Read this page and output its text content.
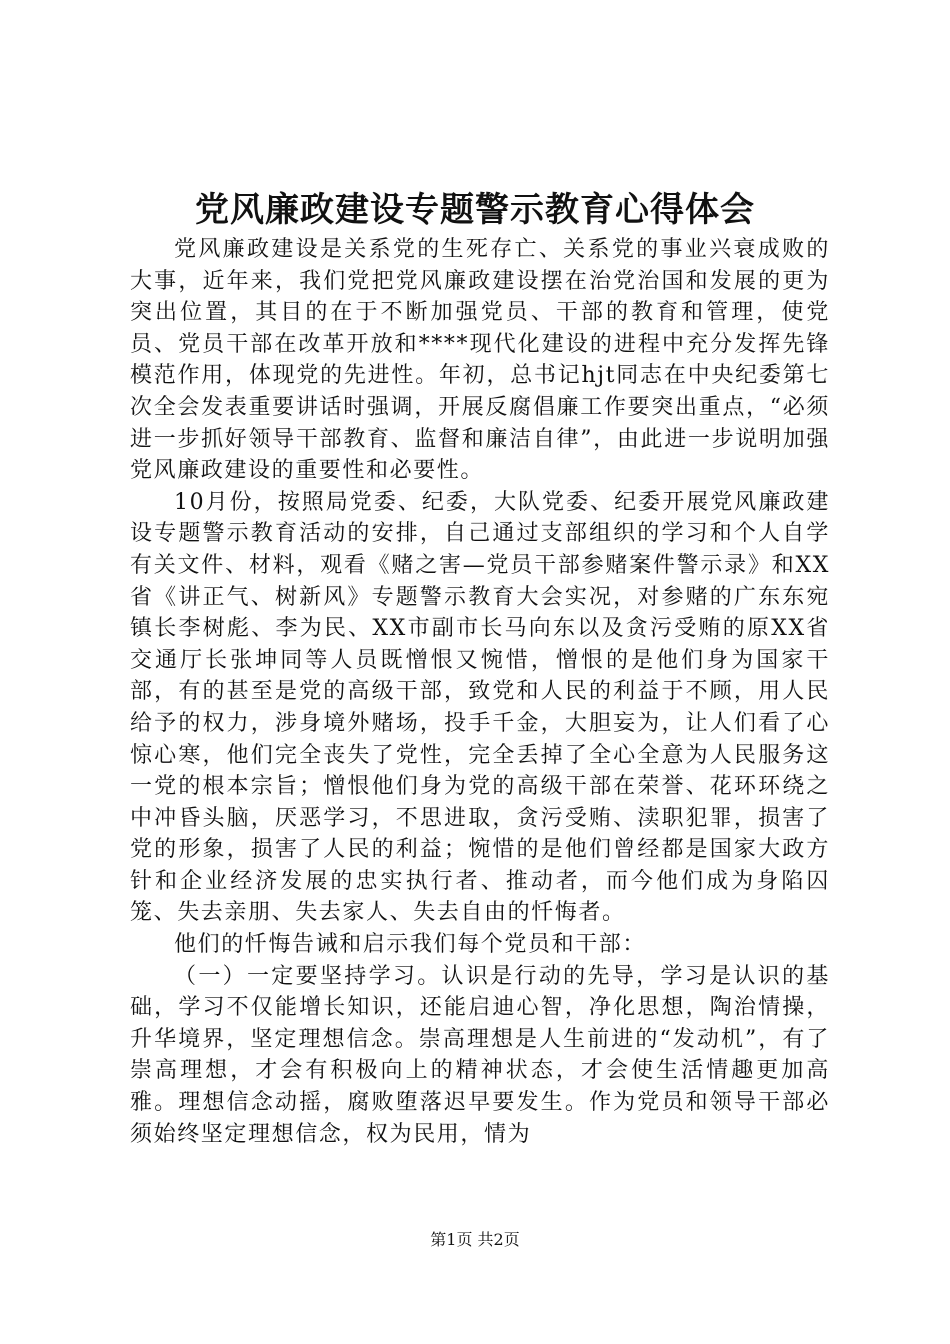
党风廉政建设专题警示教育心得体会

党风廉政建设是关系党的生死存亡、关系党的事业兴衰成败的大事，近年来，我们党把党风廉政建设摆在治党治国和发展的更为突出位置，其目的在于不断加强党员、干部的教育和管理，使党员、党员干部在改革开放和****现代化建设的进程中充分发挥先锋模范作用，体现党的先进性。年初，总书记hjt同志在中央纪委第七次全会发表重要讲话时强调，开展反腐倡廉工作要突出重点，“必须进一步抓好领导干部教育、监督和廉洁自律”，由此进一步说明加强党风廉政建设的重要性和必要性。

10月份，按照局党委、纪委，大队党委、纪委开展党风廉政建设专题警示教育活动的安排，自己通过支部组织的学习和个人自学有关文件、材料，观看《赌之害—党员干部参赌案件警示录》和XX省《讲正气、树新风》专题警示教育大会实况，对参赌的广东东宛镇长李树彪、李为民、XX市副市长马向东以及贪污受贿的原XX省交通厅长张坤同等人员既憎恨又惋惜，憎恨的是他们身为国家干部，有的甚至是党的高级干部，致党和人民的利益于不顾，用人民给予的权力，涉身境外赌场，投手千金，大胆妄为，让人们看了心惊心寒，他们完全丧失了党性，完全丢掉了全心全意为人民服务这一党的根本宗旨；憎恨他们身为党的高级干部在荣誉、花环环绕之中冲昏头脑，厌恶学习，不思进取，贪污受贿、渎职犯罪，损害了党的形象，损害了人民的利益；惋惜的是他们曾经都是国家大政方针和企业经济发展的忠实执行者、推动者，而今他们成为身陷囚笼、失去亲朋、失去家人、失去自由的忏悔者。

他们的忏悔告诫和启示我们每个党员和干部：

（一）一定要坚持学习。认识是行动的先导，学习是认识的基础，学习不仅能增长知识，还能启迪心智，净化思想，陶治情操，升华境界，坚定理想信念。崇高理想是人生前进的“发动机”，有了崇高理想，才会有积极向上的精神状态，才会使生活情趣更加高雅。理想信念动摇，腐败堕落迟早要发生。作为党员和领导干部必须始终坚定理想信念，权为民用，情为

第1页 共2页
